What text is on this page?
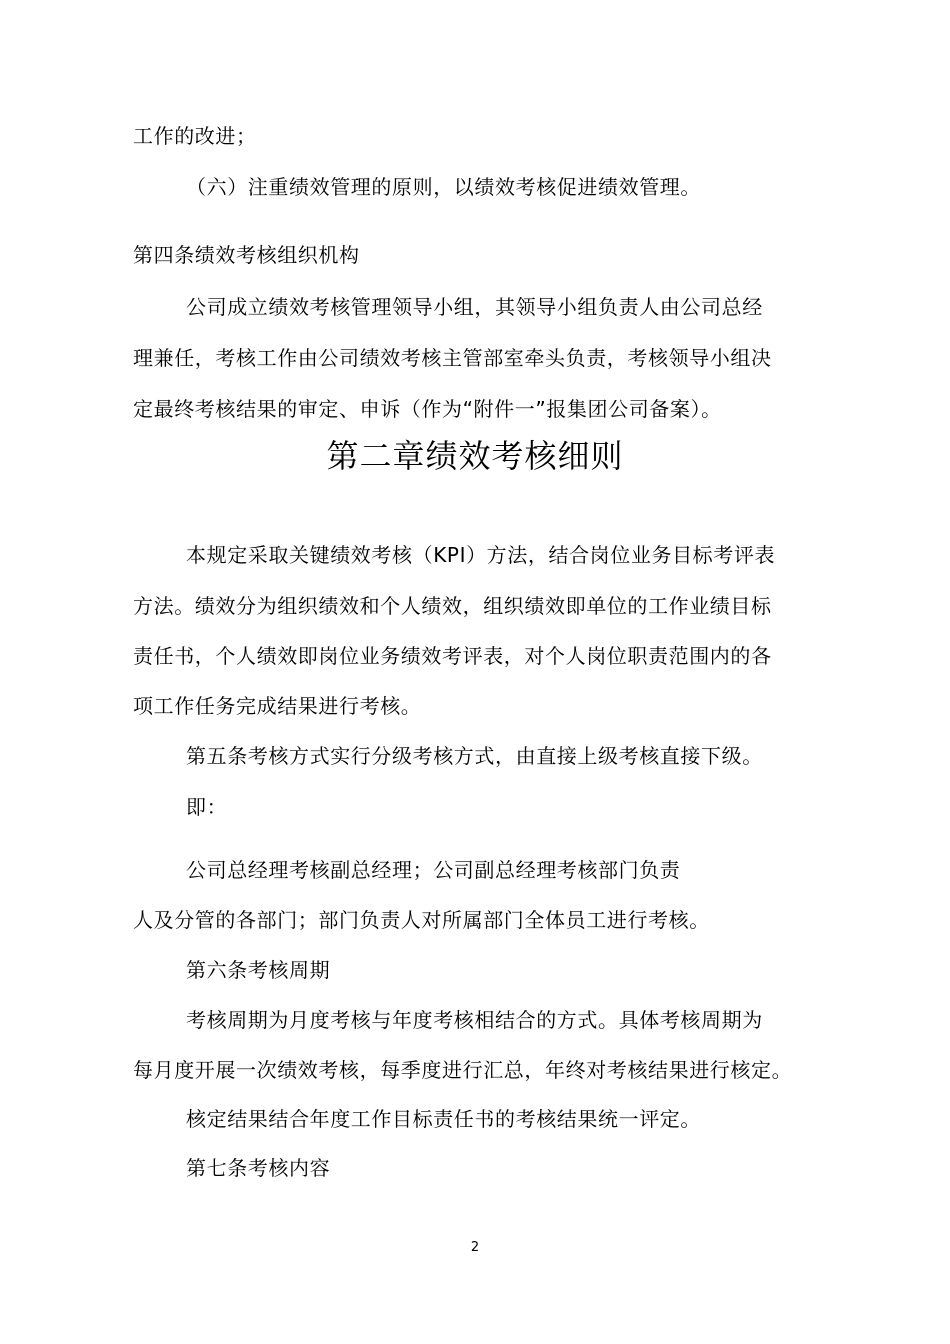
工作的改进；
（六）注重绩效管理的原则，以绩效考核促进绩效管理。
第四条绩效考核组织机构
公司成立绩效考核管理领导小组，其领导小组负责人由公司总经
理兼任，考核工作由公司绩效考核主管部室牵头负责，考核领导小组决
定最终考核结果的审定、申诉（作为“附件一”报集团公司备案）。
第二章绩效考核细则
本规定采取关键绩效考核（KPI）方法，结合岗位业务目标考评表
方法。绩效分为组织绩效和个人绩效，组织绩效即单位的工作业绩目标
责任书，个人绩效即岗位业务绩效考评表，对个人岗位职责范围内的各
项工作任务完成结果进行考核。
第五条考核方式实行分级考核方式，由直接上级考核直接下级。
即：
公司总经理考核副总经理；公司副总经理考核部门负责
人及分管的各部门；部门负责人对所属部门全体员工进行考核。
第六条考核周期
考核周期为月度考核与年度考核相结合的方式。具体考核周期为
每月度开展一次绩效考核，每季度进行汇总，年终对考核结果进行核定。
核定结果结合年度工作目标责任书的考核结果统一评定。
第七条考核内容
2
